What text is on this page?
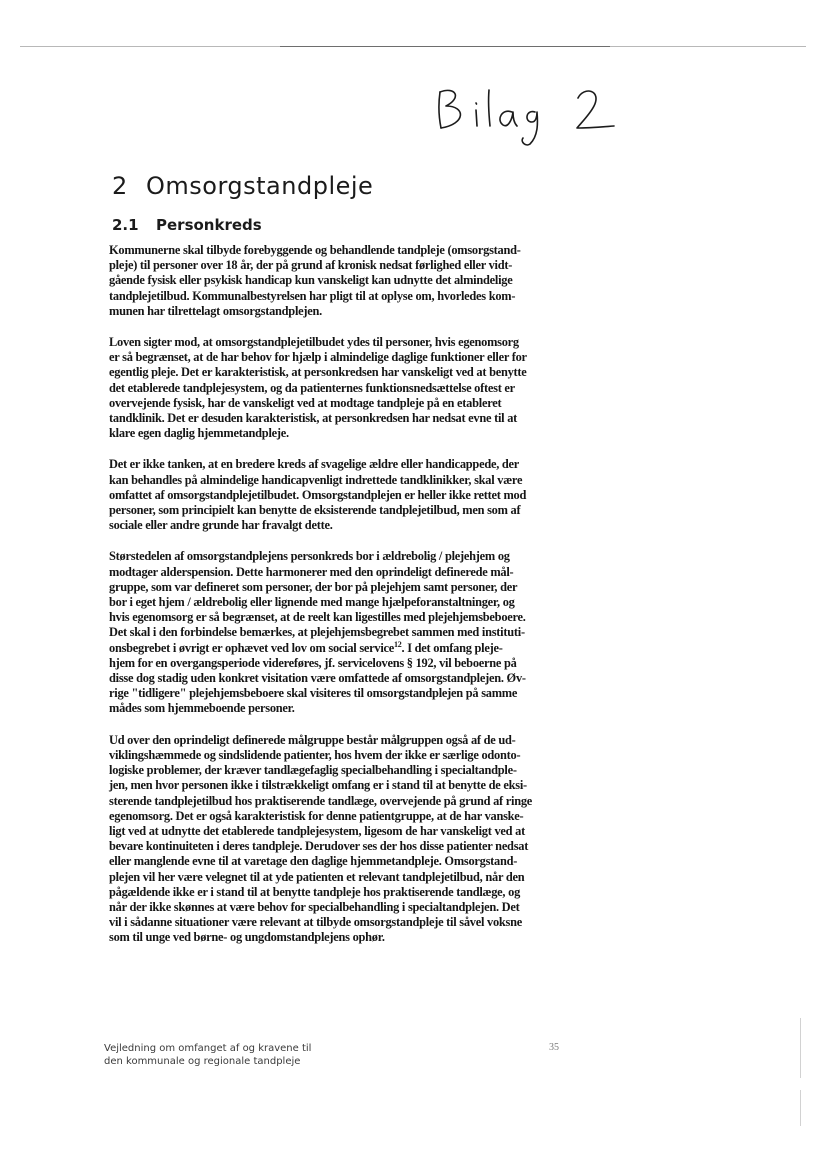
2 Omsorgstandpleje
2.1 Personkreds

Kommunerne skal tilbyde forebyggende og behandlende tandpleje (omsorgstand-
pleje) til personer over 18 år, der på grund af kronisk nedsat førlighed eller vidt-
gående fysisk eller psykisk handicap kun vanskeligt kan udnytte det almindelige
tandplejetilbud. Kommunalbestyrelsen har pligt til at oplyse om, hvorledes kom-
munen har tilrettelagt omsorgstandplejen.

Loven sigter mod, at omsorgstandplejetilbudet ydes til personer, hvis egenomsorg
er så begrænset, at de har behov for hjælp i almindelige daglige funktioner eller for
egentlig pleje. Det er karakteristisk, at personkredsen har vanskeligt ved at benytte
det etablerede tandplejesystem, og da patienternes funktionsnedsættelse oftest er
overvejende fysisk, har de vanskeligt ved at modtage tandpleje på en etableret
tandklinik. Det er desuden karakteristisk, at personkredsen har nedsat evne til at
klare egen daglig hjemmetandpleje.

Det er ikke tanken, at en bredere kreds af svagelige ældre eller handicappede, der
kan behandles på almindelige handicapvenligt indrettede tandklinikker, skal være
omfattet af omsorgstandplejetilbudet. Omsorgstandplejen er heller ikke rettet mod
personer, som principielt kan benytte de eksisterende tandplejetilbud, men som af
sociale eller andre grunde har fravalgt dette.

Størstedelen af omsorgstandplejens personkreds bor i ældrebolig / plejehjem og
modtager alderspension. Dette harmonerer med den oprindeligt definerede mål-
gruppe, som var defineret som personer, der bor på plejehjem samt personer, der
bor i eget hjem / ældrebolig eller lignende med mange hjælpeforanstaltninger, og
hvis egenomsorg er så begrænset, at de reelt kan ligestilles med plejehjemsbeboere.
Det skal i den forbindelse bemærkes, at plejehjemsbegrebet sammen med instituti-
onsbegrebet i øvrigt er ophævet ved lov om social service$^{12}$. I det omfang pleje-
hjem for en overgangsperiode videreføres, jf. servicelovens § 192, vil beboerne på
disse dog stadig uden konkret visitation være omfattede af omsorgstandplejen. Øv-
rige "tidligere" plejehjemsbeboere skal visiteres til omsorgstandplejen på samme
mådes som hjemmeboende personer.

Ud over den oprindeligt definerede målgruppe består målgruppen også af de ud-
viklingshæmmede og sindslidende patienter, hos hvem der ikke er særlige odonto-
logiske problemer, der kræver tandlægefaglig specialbehandling i specialtandple-
jen, men hvor personen ikke i tilstrækkeligt omfang er i stand til at benytte de eksi-
sterende tandplejetilbud hos praktiserende tandlæge, overvejende på grund af ringe
egenomsorg. Det er også karakteristisk for denne patientgruppe, at de har vanske-
ligt ved at udnytte det etablerede tandplejesystem, ligesom de har vanskeligt ved at
bevare kontinuiteten i deres tandpleje. Derudover ses der hos disse patienter nedsat
eller manglende evne til at varetage den daglige hjemmetandpleje. Omsorgstand-
plejen vil her være velegnet til at yde patienten et relevant tandplejetilbud, når den
pågældende ikke er i stand til at benytte tandpleje hos praktiserende tandlæge, og
når der ikke skønnes at være behov for specialbehandling i specialtandplejen. Det
vil i sådanne situationer være relevant at tilbyde omsorgstandpleje til såvel voksne
som til unge ved børne- og ungdomstandplejens ophør.

Vejledning om omfanget af og kravene til
den kommunale og regionale tandpleje
35
